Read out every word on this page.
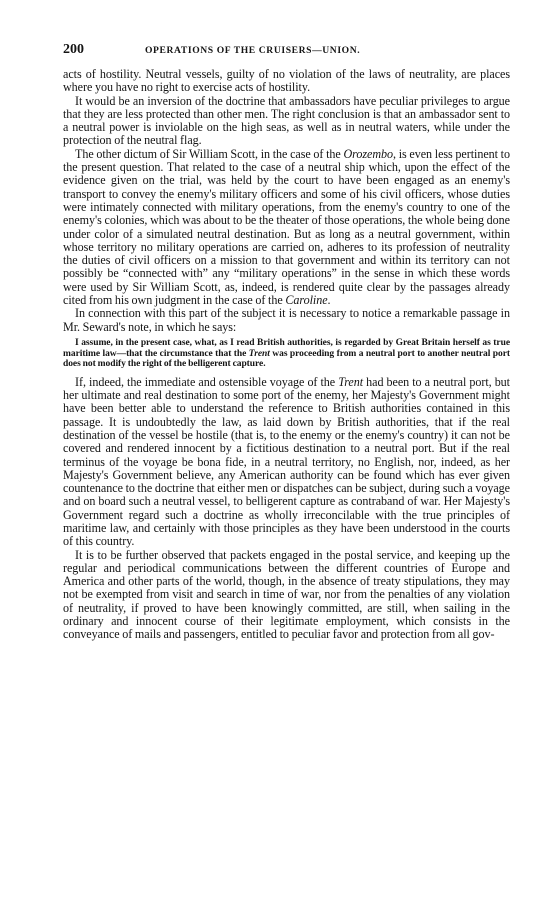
200	OPERATIONS OF THE CRUISERS—UNION.

acts of hostility. Neutral vessels, guilty of no violation of the laws of neutrality, are places where you have no right to exercise acts of hostility.

It would be an inversion of the doctrine that ambassadors have peculiar privileges to argue that they are less protected than other men. The right conclusion is that an ambassador sent to a neutral power is inviolable on the high seas, as well as in neutral waters, while under the protection of the neutral flag.

The other dictum of Sir William Scott, in the case of the Orozembo, is even less pertinent to the present question. That related to the case of a neutral ship which, upon the effect of the evidence given on the trial, was held by the court to have been engaged as an enemy's transport to convey the enemy's military officers and some of his civil officers, whose duties were intimately connected with military operations, from the enemy's country to one of the enemy's colonies, which was about to be the theater of those operations, the whole being done under color of a simulated neutral destination. But as long as a neutral government, within whose territory no military operations are carried on, adheres to its profession of neutrality the duties of civil officers on a mission to that government and within its territory can not possibly be “connected with” any “military operations” in the sense in which these words were used by Sir William Scott, as, indeed, is rendered quite clear by the passages already cited from his own judgment in the case of the Caroline.

In connection with this part of the subject it is necessary to notice a remarkable passage in Mr. Seward's note, in which he says:

I assume, in the present case, what, as I read British authorities, is regarded by Great Britain herself as true maritime law—that the circumstance that the Trent was proceeding from a neutral port to another neutral port does not modify the right of the belligerent capture.

If, indeed, the immediate and ostensible voyage of the Trent had been to a neutral port, but her ultimate and real destination to some port of the enemy, her Majesty's Government might have been better able to understand the reference to British authorities contained in this passage. It is undoubtedly the law, as laid down by British authorities, that if the real destination of the vessel be hostile (that is, to the enemy or the enemy's country) it can not be covered and rendered innocent by a fictitious destination to a neutral port. But if the real terminus of the voyage be bona fide, in a neutral territory, no English, nor, indeed, as her Majesty's Government believe, any American authority can be found which has ever given countenance to the doctrine that either men or dispatches can be subject, during such a voyage and on board such a neutral vessel, to belligerent capture as contraband of war. Her Majesty's Government regard such a doctrine as wholly irreconcilable with the true principles of maritime law, and certainly with those principles as they have been understood in the courts of this country.

It is to be further observed that packets engaged in the postal service, and keeping up the regular and periodical communications between the different countries of Europe and America and other parts of the world, though, in the absence of treaty stipulations, they may not be exempted from visit and search in time of war, nor from the penalties of any violation of neutrality, if proved to have been knowingly committed, are still, when sailing in the ordinary and innocent course of their legitimate employment, which consists in the conveyance of mails and passengers, entitled to peculiar favor and protection from all gov-
